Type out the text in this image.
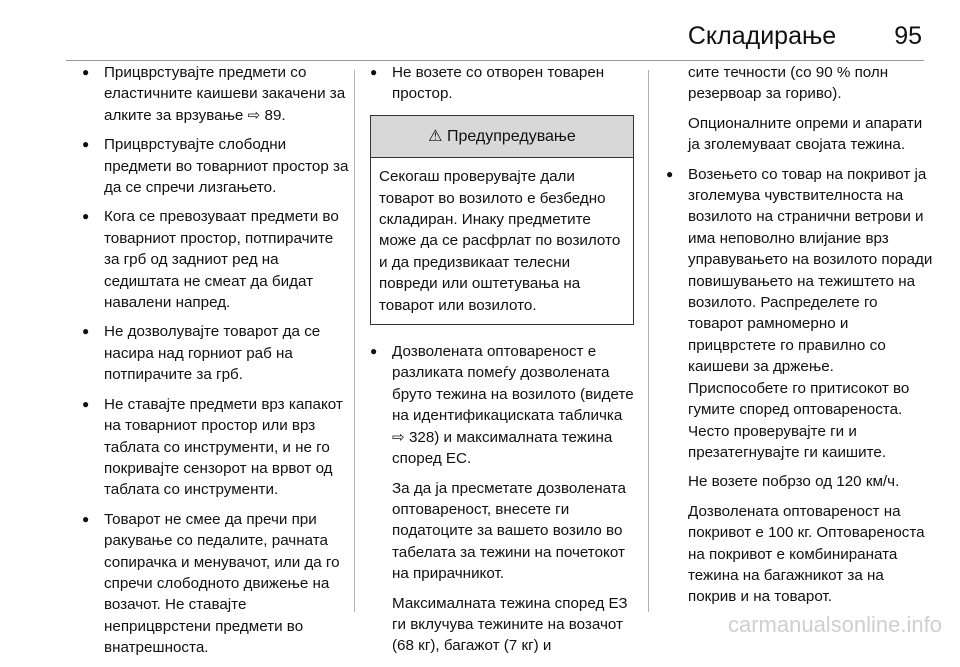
Складирање 95
● Прицврстувајте предмети со еластичните каишеви закачени за алките за врзување ⇨ 89.
● Прицврстувајте слободни предмети во товарниот простор за да се спречи лизгањето.
● Кога се превозуваат предмети во товарниот простор, потпирачите за грб од задниот ред на седиштата не смеат да бидат навалени напред.
● Не дозволувајте товарот да се насира над горниот раб на потпирачите за грб.
● Не ставајте предмети врз капакот на товарниот простор или врз таблата со инструменти, и не го покривајте сензорот на врвот од таблата со инструменти.
● Товарот не смее да пречи при ракување со педалите, рачната сопирачка и менувачот, или да го спречи слободното движење на возачот. Не ставајте неприцврстени предмети во внатрешноста.
● Не возете со отворен товарен простор.
⚠ Предупредување
Секогаш проверувајте дали товарот во возилото е безбедно складиран. Инаку предметите може да се расфрлат по возилото и да предизвикаат телесни повреди или оштетувања на товарот или возилото.
● Дозволената оптовареност е разликата помеѓу дозволената бруто тежина на возилото (видете на идентификациската табличка ⇨ 328) и максималната тежина според ЕС.
За да ја пресметате дозволената оптовареност, внесете ги податоците за вашето возило во табелата за тежини на почетокот на прирачникот.
Максималната тежина според ЕЗ ги вклучува тежините на возачот (68 кг), багажот (7 кг) и
сите течности (со 90 % полн резервоар за гориво).
Опционалните опреми и апарати ја зголемуваат својата тежина.
● Возењето со товар на покривот ја зголемува чувствителноста на возилото на странични ветрови и има неповолно влијание врз управувањето на возилото поради повишувањето на тежиштето на возилото. Распределете го товарот рамномерно и прицврстете го правилно со каишеви за држење. Приспособете го притисокот во гумите според оптовареноста. Често проверувајте ги и презатегнувајте ги каишите.
Не возете побрзо од 120 км/ч.
Дозволената оптовареност на покривот е 100 кг. Оптовареноста на покривот е комбинираната тежина на багажникот за на покрив и на товарот.
carmanualsonline.info
